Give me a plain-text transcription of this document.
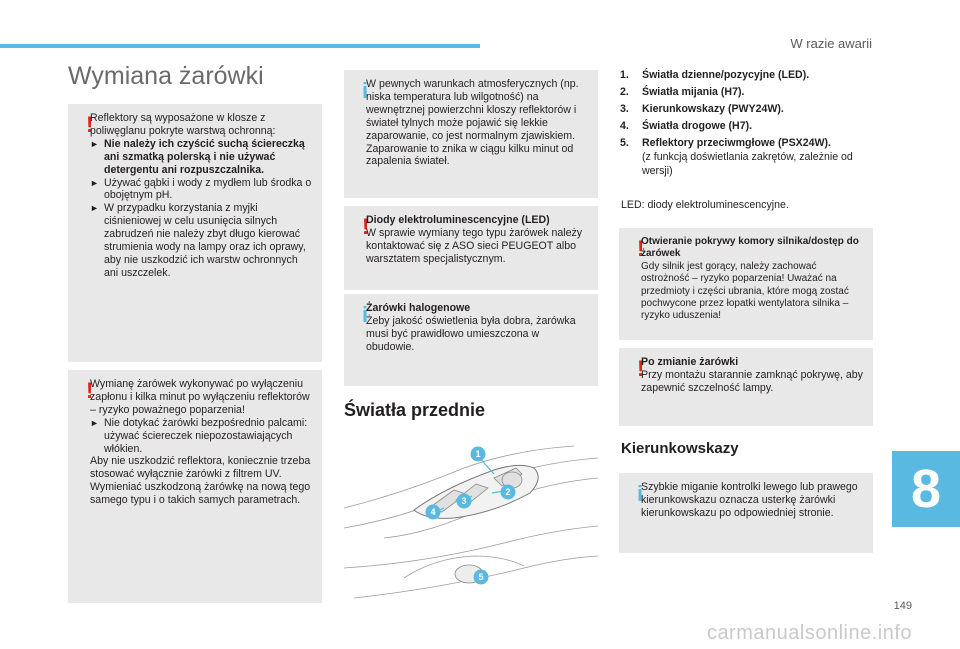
W razie awarii
Wymiana żarówki
!

Reflektory są wyposażone w klosze z poliwęglanu pokryte warstwą ochronną:

► Nie należy ich czyścić suchą ściereczką ani szmatką polerską i nie używać detergentu ani rozpuszczalnika.
► Używać gąbki i wody z mydłem lub środka o obojętnym pH.
► W przypadku korzystania z myjki ciśnieniowej w celu usunięcia silnych zabrudzeń nie należy zbyt długo kierować strumienia wody na lampy oraz ich oprawy, aby nie uszkodzić ich warstw ochronnych ani uszczelek.
!

Wymianę żarówek wykonywać po wyłączeniu zapłonu i kilka minut po wyłączeniu reflektorów – ryzyko poważnego poparzenia!

► Nie dotykać żarówki bezpośrednio palcami: używać ściereczek niepozostawiających włókien.

Aby nie uszkodzić reflektora, koniecznie trzeba stosować wyłącznie żarówki z filtrem UV.

Wymieniać uszkodzoną żarówkę na nową tego samego typu i o takich samych parametrach.

i

W pewnych warunkach atmosferycznych (np. niska temperatura lub wilgotność) na wewnętrznej powierzchni kloszy reflektorów i świateł tylnych może pojawić się lekkie zaparowanie, co jest normalnym zjawiskiem. Zaparowanie to znika w ciągu kilku minut od zapalenia świateł.

!

Diody elektroluminescencyjne (LED)

W sprawie wymiany tego typu żarówek należy kontaktować się z ASO sieci PEUGEOT albo warsztatem specjalistycznym.

i

Żarówki halogenowe

Żeby jakość oświetlenia była dobra, żarówka musi być prawidłowo umieszczona w obudowie.

Światła przednie
1
2
3
4
5
1. Światła dzienne/pozycyjne (LED).
2. Światła mijania (H7).
3. Kierunkowskazy (PWY24W).
4. Światła drogowe (H7).
5. Reflektory przeciwmgłowe (PSX24W).
(z funkcją doświetlania zakrętów, zależnie od wersji)
LED: diody elektroluminescencyjne.
!

Otwieranie pokrywy komory silnika/dostęp do żarówek

Gdy silnik jest gorący, należy zachować ostrożność – ryzyko poparzenia! Uważać na przedmioty i części ubrania, które mogą zostać pochwycone przez łopatki wentylatora silnika – ryzyko uduszenia!

!

Po zmianie żarówki

Przy montażu starannie zamknąć pokrywę, aby zapewnić szczelność lampy.

Kierunkowskazy
i

Szybkie miganie kontrolki lewego lub prawego kierunkowskazu oznacza usterkę żarówki kierunkowskazu po odpowiedniej stronie.	8
149
carmanualsonline.info
